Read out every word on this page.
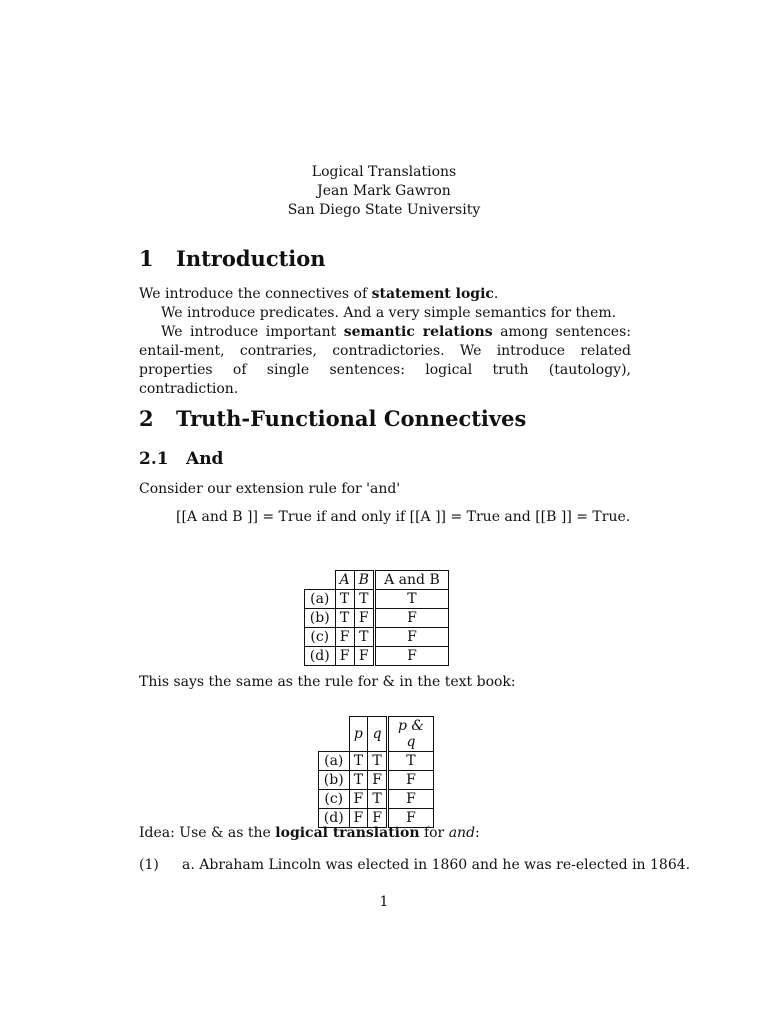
Logical Translations
Jean Mark Gawron
San Diego State University
1 Introduction

We introduce the connectives of statement logic.

We introduce predicates. And a very simple semantics for them.

We introduce important semantic relations among sentences: entail-ment, contraries, contradictories. We introduce related properties of single sentences: logical truth (tautology), contradiction.

2 Truth-Functional Connectives
2.1 And
Consider our extension rule for 'and'
[[A and B ]] = True if and only if [[A ]] = True and [[B ]] = True.
	A	B	A and B
(a)	T	T	T
(b)	T	F	F
(c)	F	T	F
(d)	F	F	F
This says the same as the rule for & in the text book:
	p	q	p & q
(a)	T	T	T
(b)	T	F	F
(c)	F	T	F
(d)	F	F	F
Idea: Use & as the logical translation for and:
(1) a. Abraham Lincoln was elected in 1860 and he was re-elected in 1864.
1
